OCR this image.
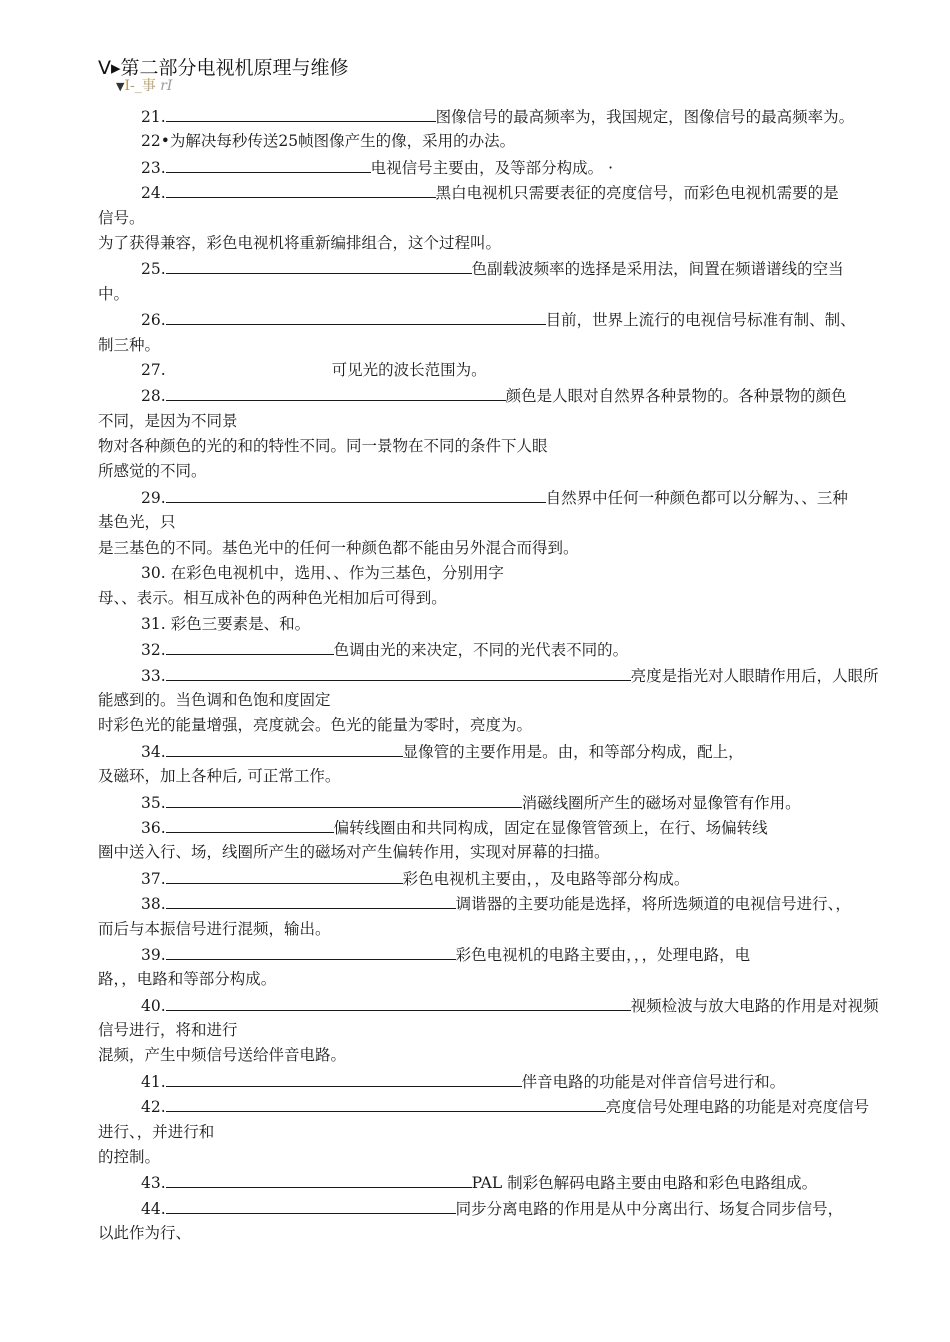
V▸第二部分电视机原理与维修
▼I-_事 rI
21.	图像信号的最高频率为，我国规定，图像信号的最高频率为。
22•为解决每秒传送25帧图像产生的像，采用的办法。
23.	电视信号主要由，及等部分构成。 ·
24.	黑白电视机只需要表征的亮度信号，而彩色电视机需要的是
信号。
为了获得兼容，彩色电视机将重新编排组合，这个过程叫。
25.	色副载波频率的选择是采用法，间置在频谱谱线的空当
中。
26.	目前，世界上流行的电视信号标准有制、制、
制三种。
27.	可见光的波长范围为。
28.	颜色是人眼对自然界各种景物的。各种景物的颜色
不同，是因为不同景
物对各种颜色的光的和的特性不同。同一景物在不同的条件下人眼
所感觉的不同。
29.	自然界中任何一种颜色都可以分解为、、三种
基色光，只
是三基色的不同。基色光中的任何一种颜色都不能由另外混合而得到。
30. 在彩色电视机中，选用、、作为三基色，分别用字
母、、表示。相互成补色的两种色光相加后可得到。
31. 彩色三要素是、和。
32.	色调由光的来决定，不同的光代表不同的。
33.	亮度是指光对人眼睛作用后，人眼所
能感到的。当色调和色饱和度固定
时彩色光的能量增强，亮度就会。色光的能量为零时，亮度为。
34.	显像管的主要作用是。由，和等部分构成，配上，
及磁环，加上各种后, 可正常工作。
35.	消磁线圈所产生的磁场对显像管有作用。
36.	偏转线圈由和共同构成，固定在显像管管颈上，在行、场偏转线
圈中送入行、场，线圈所产生的磁场对产生偏转作用，实现对屏幕的扫描。
37.	彩色电视机主要由，，及电路等部分构成。
38.	调谐器的主要功能是选择，将所选频道的电视信号进行、，
而后与本振信号进行混频，输出。
39.	彩色电视机的电路主要由，，，处理电路，电
路，，电路和等部分构成。
40.	视频检波与放大电路的作用是对视频
信号进行，将和进行
混频，产生中频信号送给伴音电路。
41.	伴音电路的功能是对伴音信号进行和。
42.	亮度信号处理电路的功能是对亮度信号
进行、，并进行和
的控制。
43.	PAL 制彩色解码电路主要由电路和彩色电路组成。
44.	同步分离电路的作用是从中分离出行、场复合同步信号，
以此作为行、
